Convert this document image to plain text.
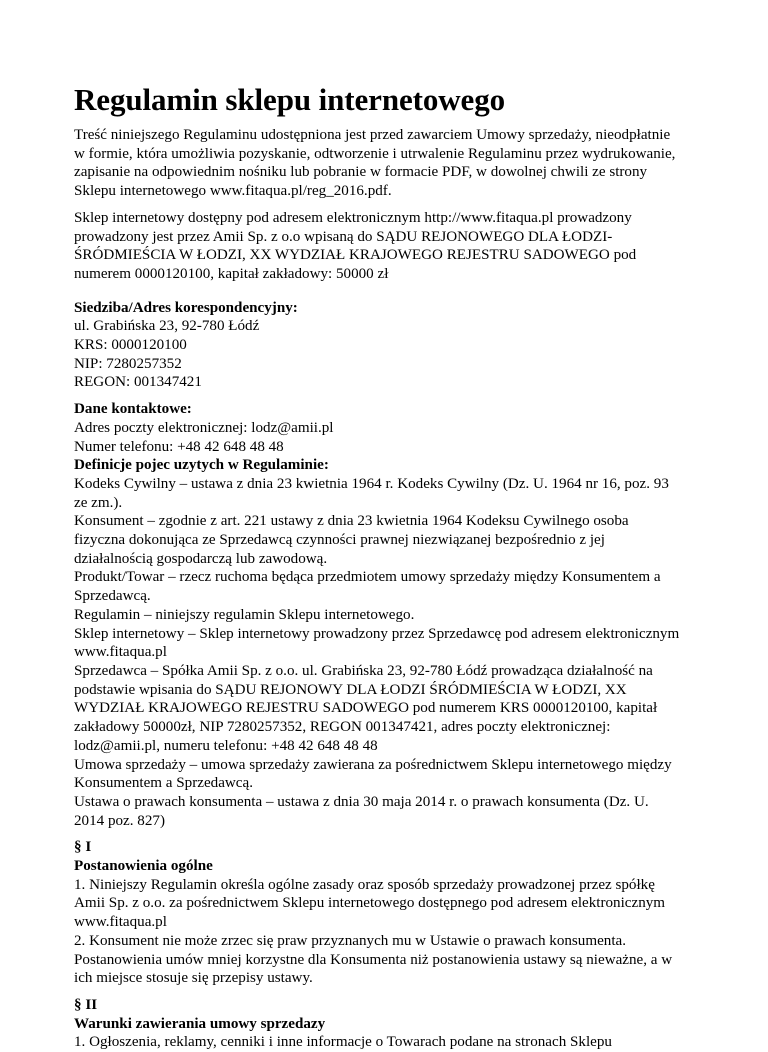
Regulamin sklepu internetowego
Treść niniejszego Regulaminu udostępniona jest przed zawarciem Umowy sprzedaży, nieodpłatnie
w formie, która umożliwia pozyskanie, odtworzenie i utrwalenie Regulaminu przez wydrukowanie,
zapisanie na odpowiednim nośniku lub pobranie w formacie PDF, w dowolnej chwili ze strony
Sklepu internetowego www.fitaqua.pl/reg_2016.pdf.
Sklep internetowy dostępny pod adresem elektronicznym http://www.fitaqua.pl prowadzony
prowadzony jest przez Amii Sp. z o.o wpisaną do SĄDU REJONOWEGO DLA ŁODZI-
ŚRÓDMIEŚCIA W ŁODZI, XX WYDZIAŁ KRAJOWEGO REJESTRU SADOWEGO pod
numerem 0000120100, kapitał zakładowy: 50000 zł
Siedziba/Adres korespondencyjny:
ul. Grabińska 23, 92-780 Łódź
KRS: 0000120100
NIP: 7280257352
REGON: 001347421
Dane kontaktowe:
Adres poczty elektronicznej: lodz@amii.pl
Numer telefonu: +48 42 648 48 48
Definicje pojec uzytych w Regulaminie:
Kodeks Cywilny – ustawa z dnia 23 kwietnia 1964 r. Kodeks Cywilny (Dz. U. 1964 nr 16, poz. 93
ze zm.).
Konsument – zgodnie z art. 221 ustawy z dnia 23 kwietnia 1964 Kodeksu Cywilnego osoba
fizyczna dokonująca ze Sprzedawcą czynności prawnej niezwiązanej bezpośrednio z jej
działalnością gospodarczą lub zawodową.
Produkt/Towar – rzecz ruchoma będąca przedmiotem umowy sprzedaży między Konsumentem a
Sprzedawcą.
Regulamin – niniejszy regulamin Sklepu internetowego.
Sklep internetowy – Sklep internetowy prowadzony przez Sprzedawcę pod adresem elektronicznym
www.fitaqua.pl
Sprzedawca – Spółka Amii Sp. z o.o. ul. Grabińska 23, 92-780 Łódź prowadząca działalność na
podstawie wpisania do SĄDU REJONOWY DLA ŁODZI ŚRÓDMIEŚCIA W ŁODZI, XX
WYDZIAŁ KRAJOWEGO REJESTRU SADOWEGO pod numerem KRS 0000120100, kapitał
zakładowy 50000zł, NIP 7280257352, REGON 001347421, adres poczty elektronicznej:
lodz@amii.pl, numeru telefonu: +48 42 648 48 48
Umowa sprzedaży – umowa sprzedaży zawierana za pośrednictwem Sklepu internetowego między
Konsumentem a Sprzedawcą.
Ustawa o prawach konsumenta – ustawa z dnia 30 maja 2014 r. o prawach konsumenta (Dz. U.
2014 poz. 827)
§ I
Postanowienia ogólne
1. Niniejszy Regulamin określa ogólne zasady oraz sposób sprzedaży prowadzonej przez spółkę
Amii Sp. z o.o. za pośrednictwem Sklepu internetowego dostępnego pod adresem elektronicznym
www.fitaqua.pl
2. Konsument nie może zrzec się praw przyznanych mu w Ustawie o prawach konsumenta.
Postanowienia umów mniej korzystne dla Konsumenta niż postanowienia ustawy są nieważne, a w
ich miejsce stosuje się przepisy ustawy.
§ II
Warunki zawierania umowy sprzedazy
1. Ogłoszenia, reklamy, cenniki i inne informacje o Towarach podane na stronach Sklepu
